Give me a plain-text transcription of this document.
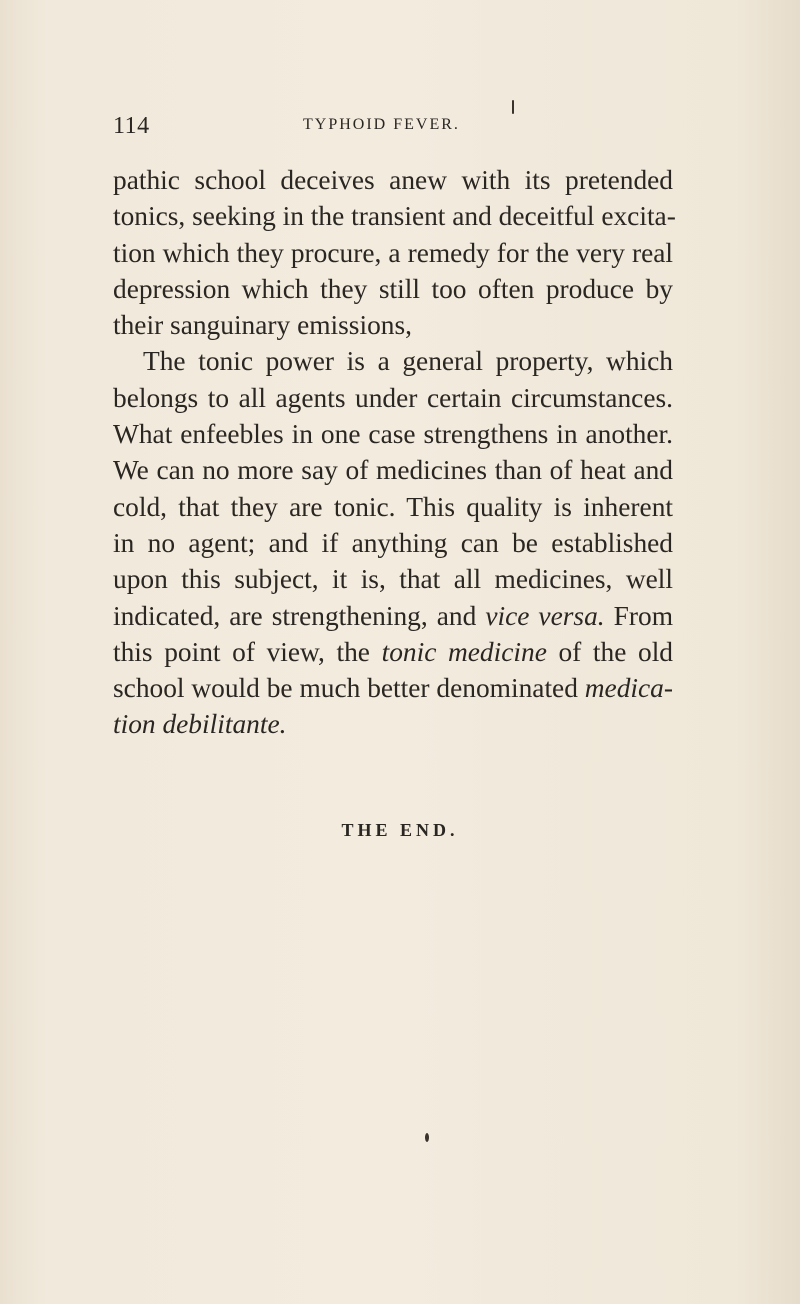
114	TYPHOID FEVER.
pathic school deceives anew with its pretended
tonics, seeking in the transient and deceitful excita-
tion which they procure, a remedy for the very real
depression which they still too often produce by
their sanguinary emissions,
The tonic power is a general property, which
belongs to all agents under certain circumstances.
What enfeebles in one case strengthens in another.
We can no more say of medicines than of heat and
cold, that they are tonic. This quality is inherent
in no agent; and if anything can be established
upon this subject, it is, that all medicines, well
indicated, are strengthening, and vice versa. From
this point of view, the tonic medicine of the old
school would be much better denominated medica-
tion debilitante.
THE END.
